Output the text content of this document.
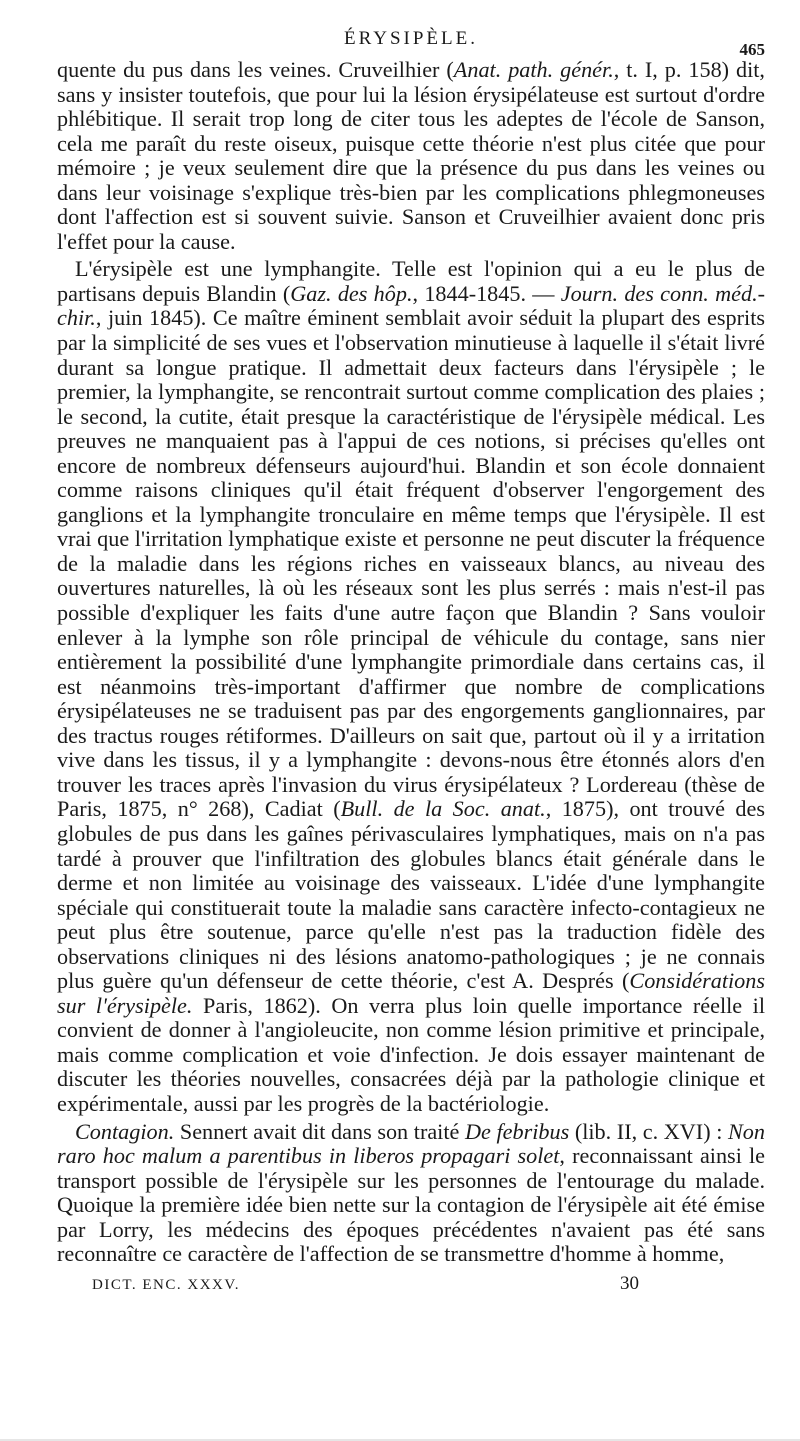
ÉRYSIPÈLE.
465

quente du pus dans les veines. Cruveilhier (Anat. path. génér., t. I, p. 158) dit, sans y insister toutefois, que pour lui la lésion érysipélateuse est surtout d'ordre phlébitique. Il serait trop long de citer tous les adeptes de l'école de Sanson, cela me paraît du reste oiseux, puisque cette théorie n'est plus citée que pour mémoire ; je veux seulement dire que la présence du pus dans les veines ou dans leur voisinage s'explique très-bien par les complications phlegmoneuses dont l'affection est si souvent suivie. Sanson et Cruveilhier avaient donc pris l'effet pour la cause.

L'érysipèle est une lymphangite. Telle est l'opinion qui a eu le plus de partisans depuis Blandin (Gaz. des hôp., 1844-1845. — Journ. des conn. méd.-chir., juin 1845). Ce maître éminent semblait avoir séduit la plupart des esprits par la simplicité de ses vues et l'observation minutieuse à laquelle il s'était livré durant sa longue pratique. Il admettait deux facteurs dans l'érysipèle ; le premier, la lymphangite, se rencontrait surtout comme complication des plaies ; le second, la cutite, était presque la caractéristique de l'érysipèle médical. Les preuves ne manquaient pas à l'appui de ces notions, si précises qu'elles ont encore de nombreux défenseurs aujourd'hui. Blandin et son école donnaient comme raisons cliniques qu'il était fréquent d'observer l'engorgement des ganglions et la lymphangite tronculaire en même temps que l'érysipèle. Il est vrai que l'irritation lymphatique existe et personne ne peut discuter la fréquence de la maladie dans les régions riches en vaisseaux blancs, au niveau des ouvertures naturelles, là où les réseaux sont les plus serrés : mais n'est-il pas possible d'expliquer les faits d'une autre façon que Blandin ? Sans vouloir enlever à la lymphe son rôle principal de véhicule du contage, sans nier entièrement la possibilité d'une lymphangite primordiale dans certains cas, il est néanmoins très-important d'affirmer que nombre de complications érysipélateuses ne se traduisent pas par des engorgements ganglionnaires, par des tractus rouges rétiformes. D'ailleurs on sait que, partout où il y a irritation vive dans les tissus, il y a lymphangite : devons-nous être étonnés alors d'en trouver les traces après l'invasion du virus érysipélateux ? Lordereau (thèse de Paris, 1875, n° 268), Cadiat (Bull. de la Soc. anat., 1875), ont trouvé des globules de pus dans les gaînes périvasculaires lymphatiques, mais on n'a pas tardé à prouver que l'infiltration des globules blancs était générale dans le derme et non limitée au voisinage des vaisseaux. L'idée d'une lymphangite spéciale qui constituerait toute la maladie sans caractère infecto-contagieux ne peut plus être soutenue, parce qu'elle n'est pas la traduction fidèle des observations cliniques ni des lésions anatomo-pathologiques ; je ne connais plus guère qu'un défenseur de cette théorie, c'est A. Després (Considérations sur l'érysipèle. Paris, 1862). On verra plus loin quelle importance réelle il convient de donner à l'angioleucite, non comme lésion primitive et principale, mais comme complication et voie d'infection. Je dois essayer maintenant de discuter les théories nouvelles, consacrées déjà par la pathologie clinique et expérimentale, aussi par les progrès de la bactériologie.

Contagion. Sennert avait dit dans son traité De febribus (lib. II, c. XVI) : Non raro hoc malum a parentibus in liberos propagari solet, reconnaissant ainsi le transport possible de l'érysipèle sur les personnes de l'entourage du malade. Quoique la première idée bien nette sur la contagion de l'érysipèle ait été émise par Lorry, les médecins des époques précédentes n'avaient pas été sans reconnaître ce caractère de l'affection de se transmettre d'homme à homme,

DICT. ENC. XXXV.	30
